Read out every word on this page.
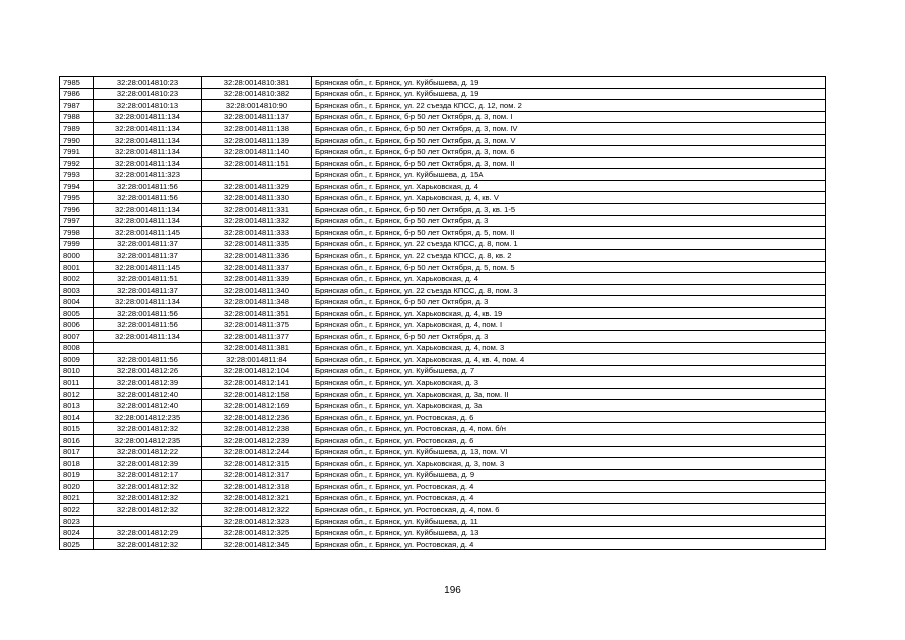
7985	32:28:0014810:23	32:28:0014810:381	Брянская обл., г. Брянск, ул. Куйбышева, д. 19
7986	32:28:0014810:23	32:28:0014810:382	Брянская обл., г. Брянск, ул. Куйбышева, д. 19
7987	32:28:0014810:13	32:28:0014810:90	Брянская обл., г. Брянск, ул. 22 съезда КПСС, д. 12, пом. 2
7988	32:28:0014811:134	32:28:0014811:137	Брянская обл., г. Брянск, б-р 50 лет Октября, д. 3, пом. I
7989	32:28:0014811:134	32:28:0014811:138	Брянская обл., г. Брянск, б-р 50 лет Октября, д. 3, пом. IV
7990	32:28:0014811:134	32:28:0014811:139	Брянская обл., г. Брянск, б-р 50 лет Октября, д. 3, пом. V
7991	32:28:0014811:134	32:28:0014811:140	Брянская обл., г. Брянск, б-р 50 лет Октября, д. 3, пом. 6
7992	32:28:0014811:134	32:28:0014811:151	Брянская обл., г. Брянск, б-р 50 лет Октября, д. 3, пом. II
7993	32:28:0014811:323		Брянская обл., г. Брянск, ул. Куйбышева, д. 15А
7994	32:28:0014811:56	32:28:0014811:329	Брянская обл., г. Брянск, ул. Харьковская, д. 4
7995	32:28:0014811:56	32:28:0014811:330	Брянская обл., г. Брянск, ул. Харьковская, д. 4, кв. V
7996	32:28:0014811:134	32:28:0014811:331	Брянская обл., г. Брянск, б-р 50 лет Октября, д. 3, кв. 1-5
7997	32:28:0014811:134	32:28:0014811:332	Брянская обл., г. Брянск, б-р 50 лет Октября, д. 3
7998	32:28:0014811:145	32:28:0014811:333	Брянская обл., г. Брянск, б-р 50 лет Октября, д. 5, пом. II
7999	32:28:0014811:37	32:28:0014811:335	Брянская обл., г. Брянск, ул. 22 съезда КПСС, д. 8, пом. 1
8000	32:28:0014811:37	32:28:0014811:336	Брянская обл., г. Брянск, ул. 22 съезда КПСС, д. 8, кв. 2
8001	32:28:0014811:145	32:28:0014811:337	Брянская обл., г. Брянск, б-р 50 лет Октября, д. 5, пом. 5
8002	32:28:0014811:51	32:28:0014811:339	Брянская обл., г. Брянск, ул. Харьковская, д. 4
8003	32:28:0014811:37	32:28:0014811:340	Брянская обл., г. Брянск, ул. 22 съезда КПСС, д. 8, пом. 3
8004	32:28:0014811:134	32:28:0014811:348	Брянская обл., г. Брянск, б-р 50 лет Октября, д. 3
8005	32:28:0014811:56	32:28:0014811:351	Брянская обл., г. Брянск, ул. Харьковская, д. 4, кв. 19
8006	32:28:0014811:56	32:28:0014811:375	Брянская обл., г. Брянск, ул. Харьковская, д. 4, пом. I
8007	32:28:0014811:134	32:28:0014811:377	Брянская обл., г. Брянск, б-р 50 лет Октября, д. 3
8008		32:28:0014811:381	Брянская обл., г. Брянск, ул. Харьковская, д. 4, пом. 3
8009	32:28:0014811:56	32:28:0014811:84	Брянская обл., г. Брянск, ул. Харьковская, д. 4, кв. 4, пом. 4
8010	32:28:0014812:26	32:28:0014812:104	Брянская обл., г. Брянск, ул. Куйбышева, д. 7
8011	32:28:0014812:39	32:28:0014812:141	Брянская обл., г. Брянск, ул. Харьковская, д. 3
8012	32:28:0014812:40	32:28:0014812:158	Брянская обл., г. Брянск, ул. Харьковская, д. 3а, пом. II
8013	32:28:0014812:40	32:28:0014812:169	Брянская обл., г. Брянск, ул. Харьковская, д. 3а
8014	32:28:0014812:235	32:28:0014812:236	Брянская обл., г. Брянск, ул. Ростовская, д. 6
8015	32:28:0014812:32	32:28:0014812:238	Брянская обл., г. Брянск, ул. Ростовская, д. 4, пом. б/н
8016	32:28:0014812:235	32:28:0014812:239	Брянская обл., г. Брянск, ул. Ростовская, д. 6
8017	32:28:0014812:22	32:28:0014812:244	Брянская обл., г. Брянск, ул. Куйбышева, д. 13, пом. VI
8018	32:28:0014812:39	32:28:0014812:315	Брянская обл., г. Брянск, ул. Харьковская, д. 3, пом. 3
8019	32:28:0014812:17	32:28:0014812:317	Брянская обл., г. Брянск, ул. Куйбышева, д. 9
8020	32:28:0014812:32	32:28:0014812:318	Брянская обл., г. Брянск, ул. Ростовская, д. 4
8021	32:28:0014812:32	32:28:0014812:321	Брянская обл., г. Брянск, ул. Ростовская, д. 4
8022	32:28:0014812:32	32:28:0014812:322	Брянская обл., г. Брянск, ул. Ростовская, д. 4, пом. 6
8023		32:28:0014812:323	Брянская обл., г. Брянск, ул. Куйбышева, д. 11
8024	32:28:0014812:29	32:28:0014812:325	Брянская обл., г. Брянск, ул. Куйбышева, д. 13
8025	32:28:0014812:32	32:28:0014812:345	Брянская обл., г. Брянск, ул. Ростовская, д. 4
196
